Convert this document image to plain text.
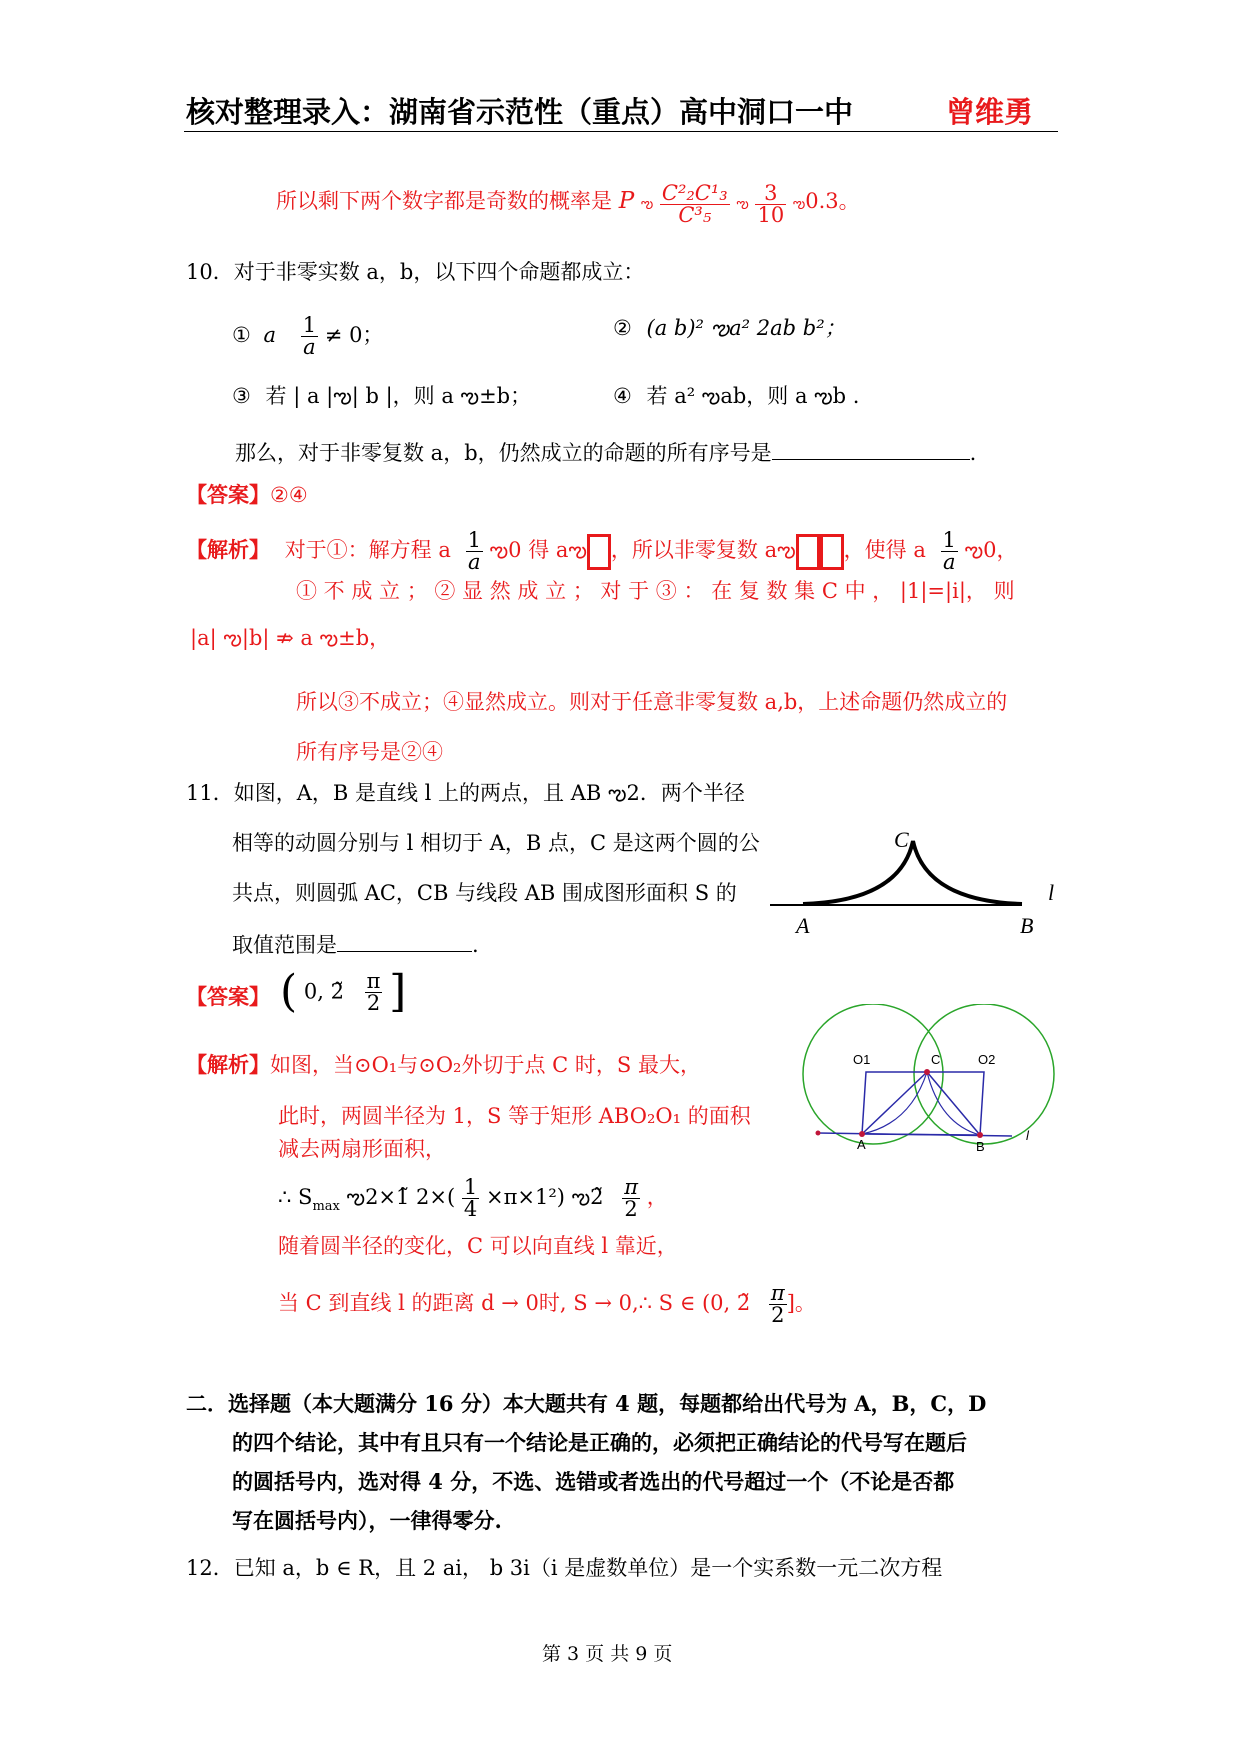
核对整理录入：湖南省示范性（重点）高中洞口一中	曾维勇
所以剩下两个数字都是奇数的概率是 P ఌ $\frac{\text{C²₂C¹₃}}{\text{C³₅}}$ ఌ $\frac{3}{10}$ ఌ0.3。
10．对于非零实数 a，b，以下四个命题都成立：
① a $\frac{1}{a} \ne 0$；	② (a b)² ఌa² 2ab b²；
③ 若 | a |ఌ| b |，则 a ఌ±b；	④ 若 a² ఌab，则 a ఌb .
那么，对于非零复数 a，b，仍然成立的命题的所有序号是	.
【答案】②④
【解析】 对于①：解方程 a $\frac{1}{a}$ ఌ0 得 aఌ ，所以非零复数 aఌ ，使得 a $\frac{1}{a}$ ఌ0，
① 不 成 立 ； ② 显 然 成 立 ； 对 于 ③ ： 在 复 数 集 C 中 ， |1|=|i|， 则
|a| ఌ|b| ⇏ a ఌ±b，
所以③不成立；④显然成立。则对于任意非零复数 a,b，上述命题仍然成立的
所有序号是②④
11．如图，A，B 是直线 l 上的两点，且 AB ఌ2．两个半径
相等的动圆分别与 l 相切于 A，B 点，C 是这两个圆的公
共点，则圆弧 AC，CB 与线段 AB 围成图形面积 S 的
取值范围是	.
C
l
A	B
【答案】 ( 0, 2̃ $\frac{\pi}{2}$ ]
O1	C	O2
A	B
l
【解析】如图，当⊙O₁与⊙O₂外切于点 C 时，S 最大，
此时，两圆半径为 1，S 等于矩形 ABO₂O₁ 的面积
减去两扇形面积，
∴ $S_{max}$ ఌ2×1̃ $2\times( \frac{1}{4} \times\pi\times 1^2)$ ఌ2̃ $\frac{\pi}{2}$ ，
随着圆半径的变化，C 可以向直线 l 靠近，
当 C 到直线 l 的距离 d → 0时, S → 0,∴ S ∈ (0, 2̃ $\frac{\pi}{2}$ ]。
二．选择题（本大题满分 16 分）本大题共有 4 题，每题都给出代号为 A，B，C，D
的四个结论，其中有且只有一个结论是正确的，必须把正确结论的代号写在题后
的圆括号内，选对得 4 分，不选、选错或者选出的代号超过一个（不论是否都
写在圆括号内），一律得零分.
12．已知 a，b ∈ R，且 2 ai， b 3i（i 是虚数单位）是一个实系数一元二次方程
第 3 页 共 9 页
